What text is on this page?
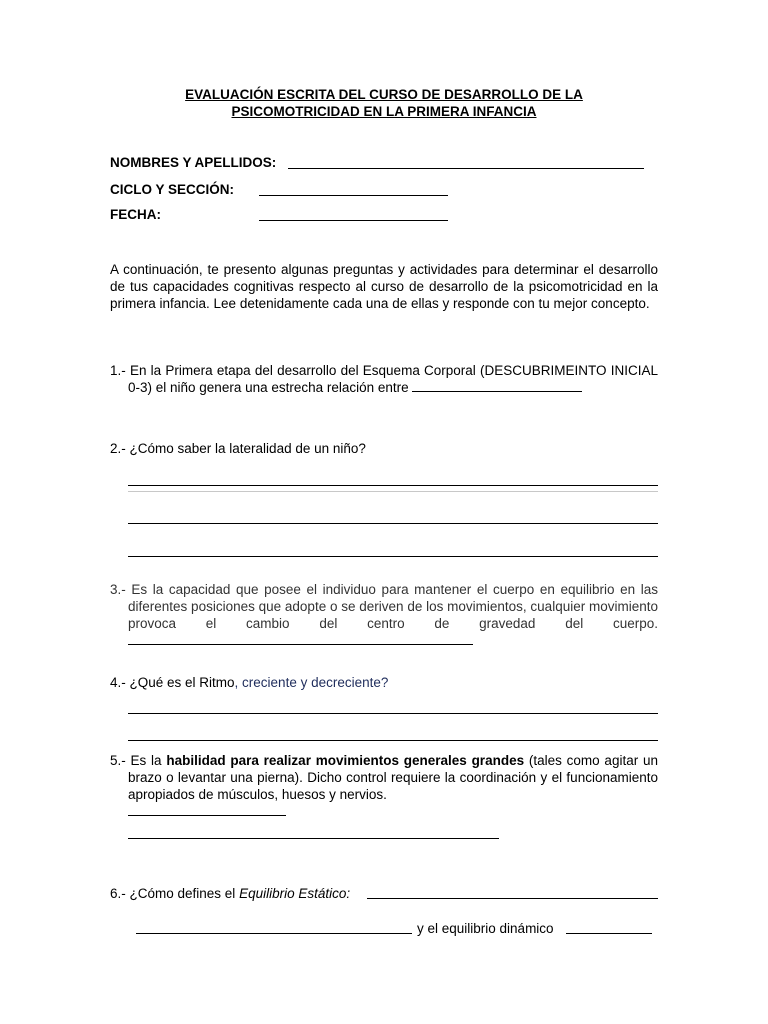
EVALUACIÓN ESCRITA DEL CURSO DE DESARROLLO DE LA
PSICOMOTRICIDAD EN LA PRIMERA INFANCIA
NOMBRES Y APELLIDOS:
CICLO Y SECCIÓN:
FECHA:
A continuación, te presento algunas preguntas y actividades para determinar el desarrollo de tus capacidades cognitivas respecto al curso de desarrollo de la psicomotricidad en la primera infancia. Lee detenidamente cada una de ellas y responde con tu mejor concepto.
1.- En la Primera etapa del desarrollo del Esquema Corporal (DESCUBRIMEINTO INICIAL 0-3) el niño genera una estrecha relación entre
2.- ¿Cómo saber la lateralidad de un niño?
3.- Es la capacidad que posee el individuo para mantener el cuerpo en equilibrio en las diferentes posiciones que adopte o se deriven de los movimientos, cualquier movimiento provoca el cambio del centro de gravedad del cuerpo.
4.- ¿Qué es el Ritmo, creciente y decreciente?
5.- Es la habilidad para realizar movimientos generales grandes (tales como agitar un brazo o levantar una pierna). Dicho control requiere la coordinación y el funcionamiento apropiados de músculos, huesos y nervios.
6.- ¿Cómo defines el Equilibrio Estático:
y el equilibrio dinámico
